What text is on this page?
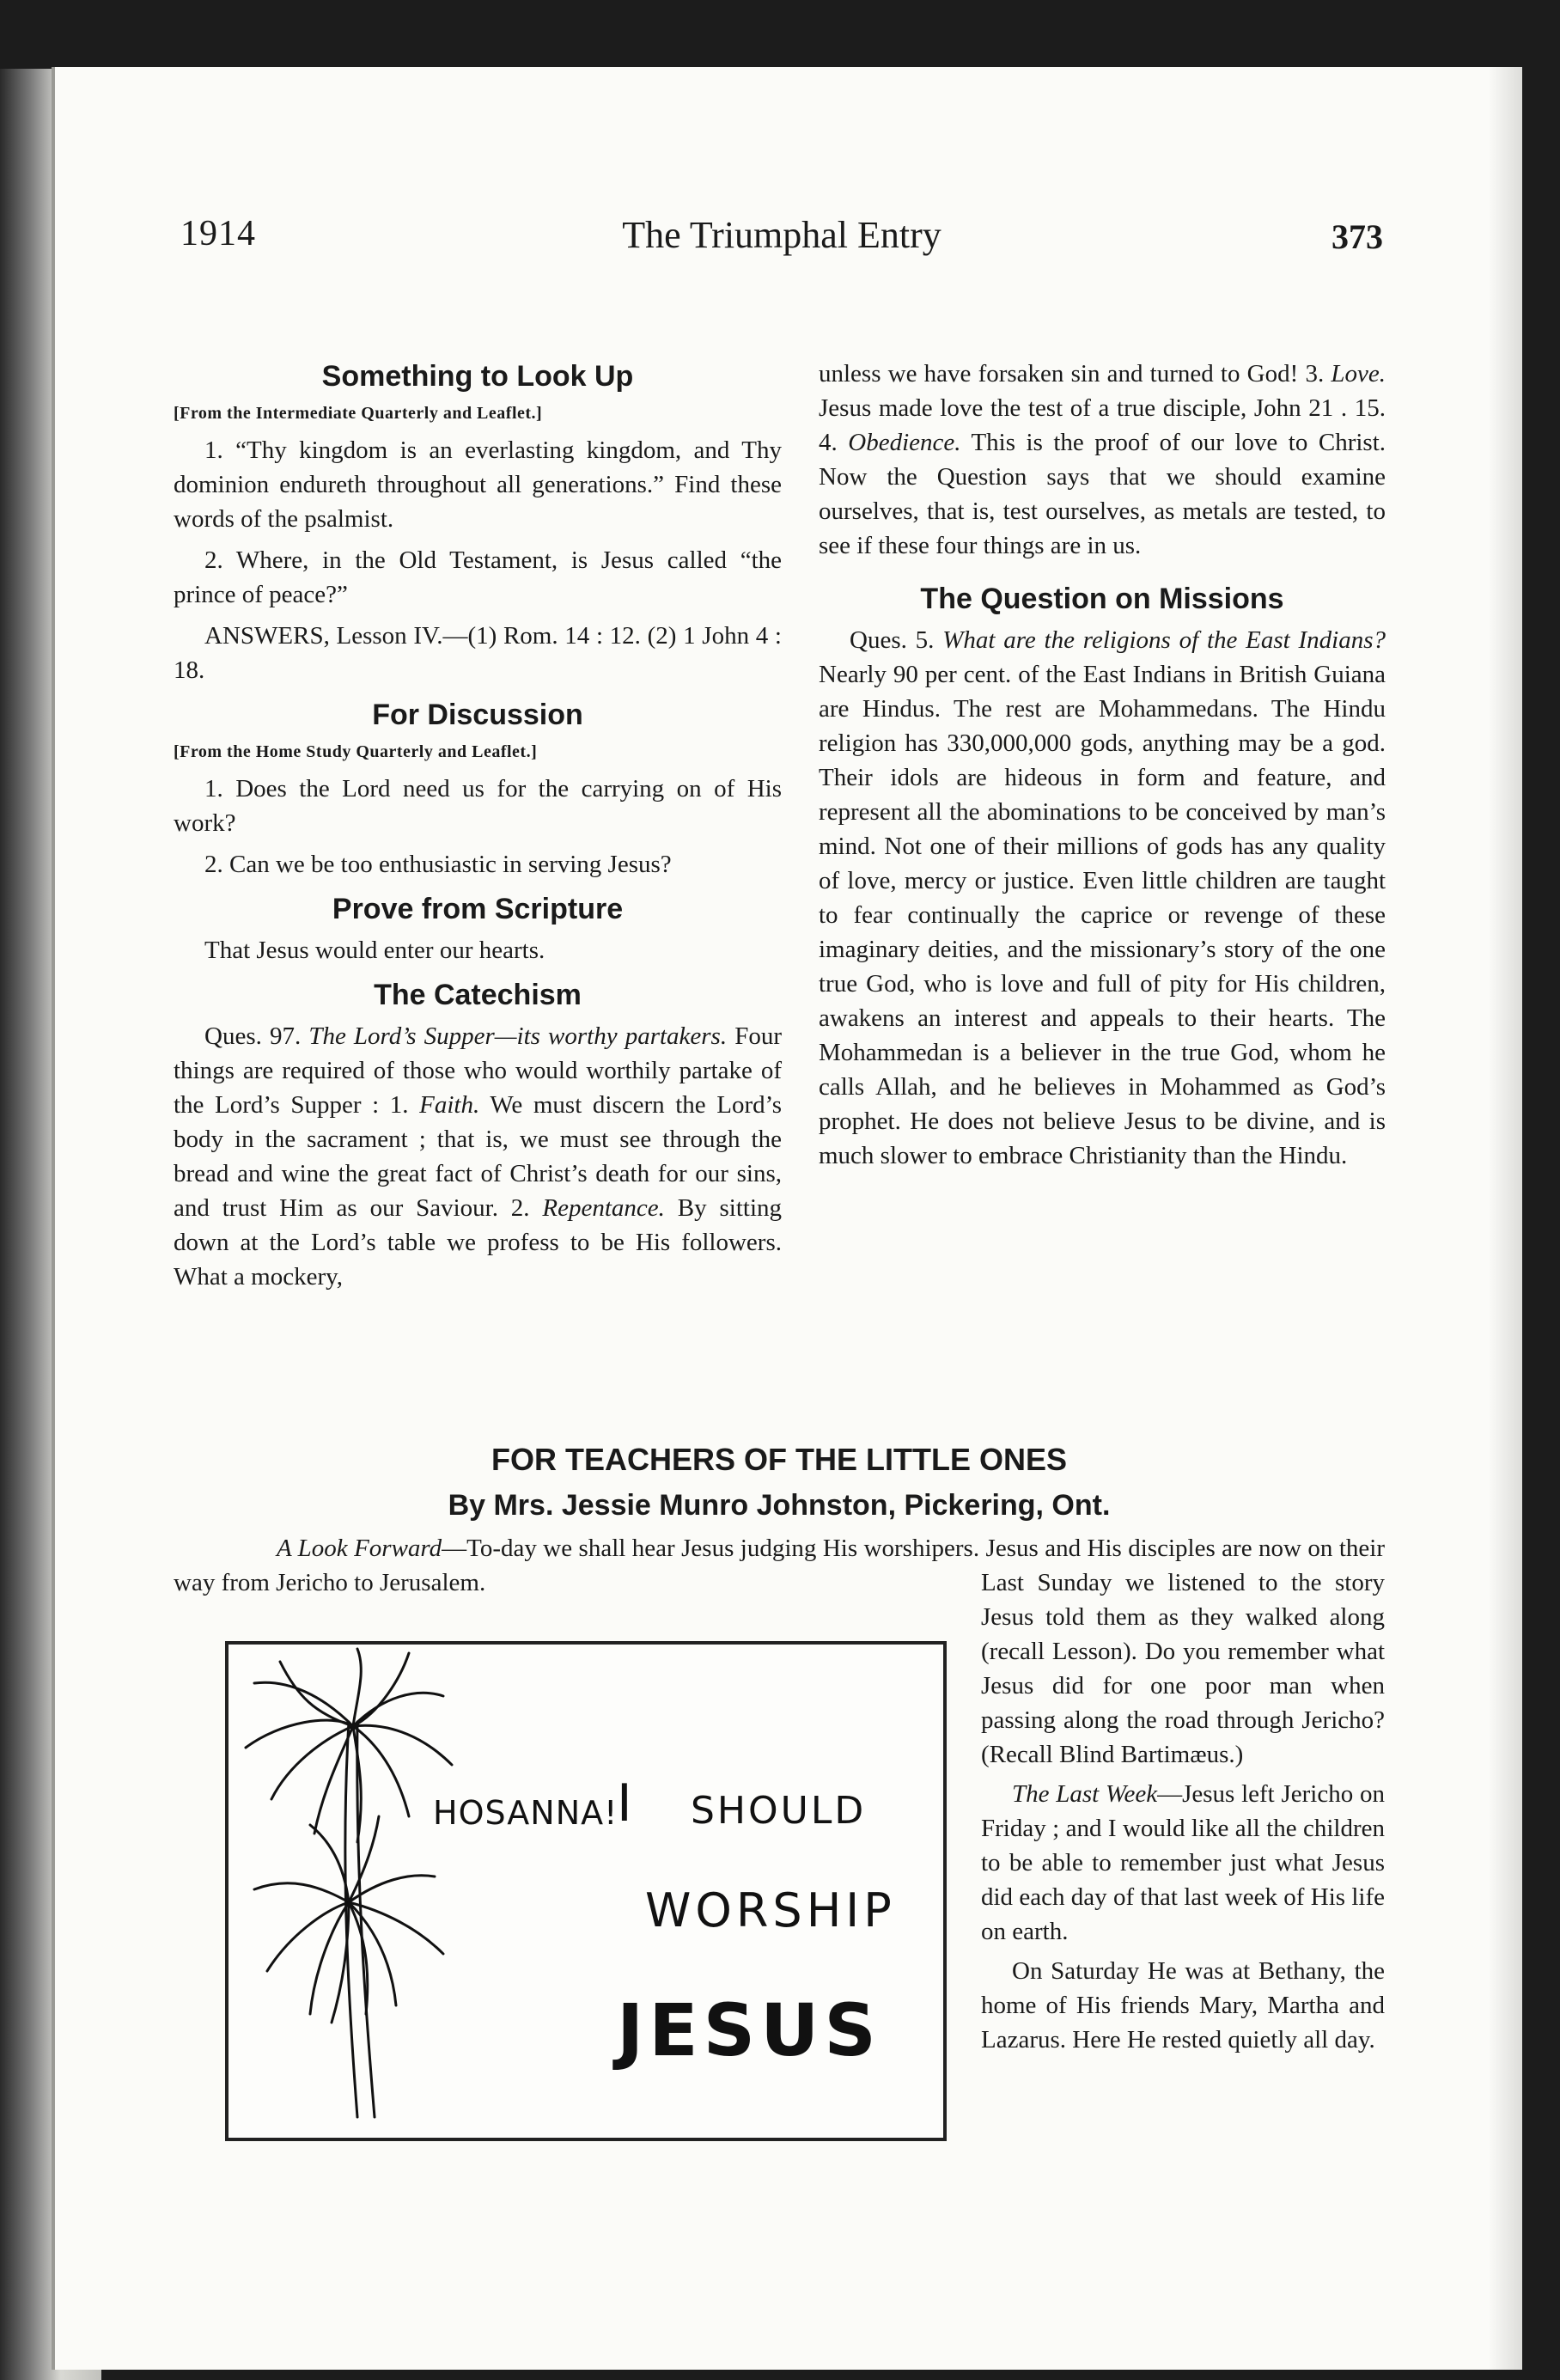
1914	The Triumphal Entry	373
Something to Look Up

[From the Intermediate Quarterly and Leaflet.]

1. “Thy kingdom is an everlasting kingdom, and Thy dominion endureth throughout all generations.” Find these words of the psalmist.

2. Where, in the Old Testament, is Jesus called “the prince of peace?”

ANSWERS, Lesson IV.—(1) Rom. 14 : 12. (2) 1 John 4 : 18.

For Discussion

[From the Home Study Quarterly and Leaflet.]

1. Does the Lord need us for the carrying on of His work?

2. Can we be too enthusiastic in serving Jesus?

Prove from Scripture

That Jesus would enter our hearts.

The Catechism

Ques. 97. The Lord’s Supper—its worthy partakers. Four things are required of those who would worthily partake of the Lord’s Supper : 1. Faith. We must discern the Lord’s body in the sacrament ; that is, we must see through the bread and wine the great fact of Christ’s death for our sins, and trust Him as our Saviour. 2. Repentance. By sitting down at the Lord’s table we profess to be His followers. What a mockery,

unless we have forsaken sin and turned to God! 3. Love. Jesus made love the test of a true disciple, John 21 . 15. 4. Obedience. This is the proof of our love to Christ. Now the Question says that we should examine ourselves, that is, test ourselves, as metals are tested, to see if these four things are in us.

The Question on Missions

Ques. 5. What are the religions of the East Indians? Nearly 90 per cent. of the East Indians in British Guiana are Hindus. The rest are Mohammedans. The Hindu religion has 330,000,000 gods, anything may be a god. Their idols are hideous in form and feature, and represent all the abominations to be conceived by man’s mind. Not one of their millions of gods has any quality of love, mercy or justice. Even little children are taught to fear continually the caprice or revenge of these imaginary deities, and the missionary’s story of the one true God, who is love and full of pity for His children, awakens an interest and appeals to their hearts. The Mohammedan is a believer in the true God, whom he calls Allah, and he believes in Mohammed as God’s prophet. He does not believe Jesus to be divine, and is much slower to embrace Christianity than the Hindu.

FOR TEACHERS OF THE LITTLE ONES
By Mrs. Jessie Munro Johnston, Pickering, Ont.

A Look Forward—To-day we shall hear Jesus judging His worshipers. Jesus and His disciples are now on their way from Jericho to Jerusalem.	Last Sunday we listened to the story Jesus told them as they walked along (recall Lesson). Do you remember what Jesus did for one poor man when passing along the road through Jericho? (Recall Blind Bartimæus.)

The Last Week—Jesus left Jericho on Friday ; and I would like all the children to be able to remember just what Jesus did each day of that last week of His life on earth.

On Saturday He was at Bethany, the home of His friends Mary, Martha and Lazarus. Here He rested quietly all day.

HOSANNA!
I SHOULD
WORSHIP
JESUS
